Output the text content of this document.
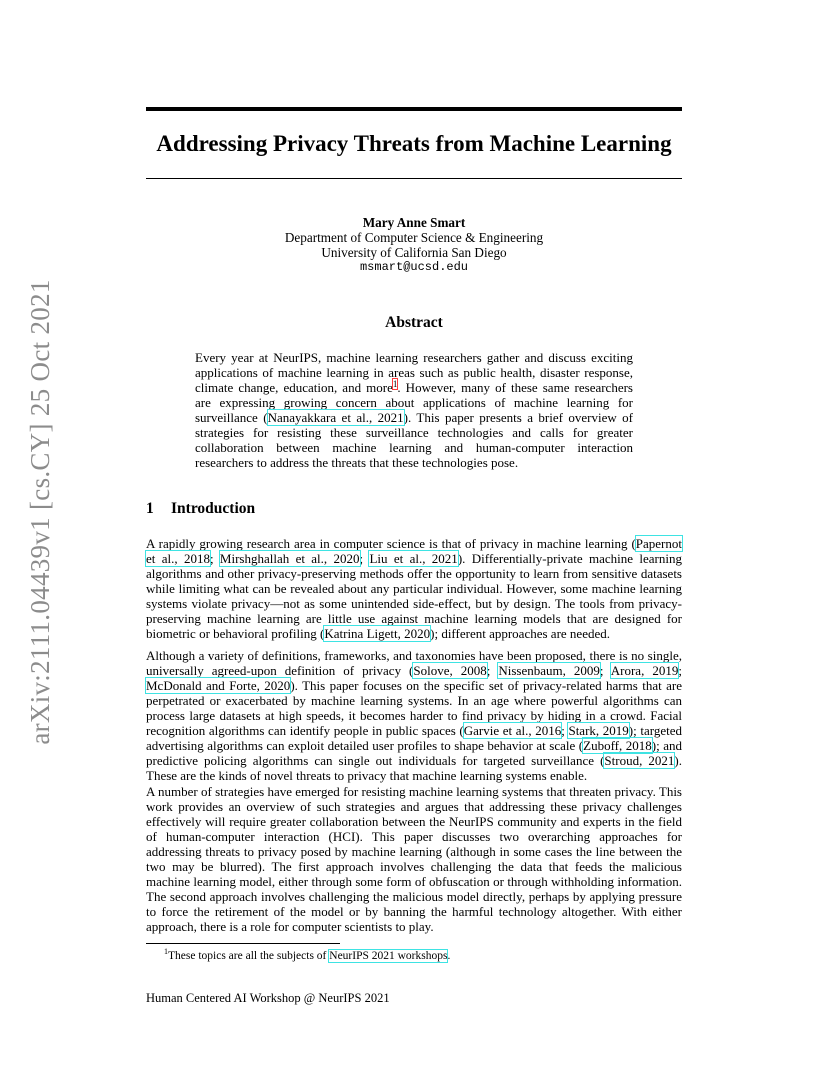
arXiv:2111.04439v1 [cs.CY] 25 Oct 2021
Addressing Privacy Threats from Machine Learning
Mary Anne Smart
Department of Computer Science & Engineering
University of California San Diego
msmart@ucsd.edu
Abstract
Every year at NeurIPS, machine learning researchers gather and discuss exciting applications of machine learning in areas such as public health, disaster response, climate change, education, and more$^1$. However, many of these same researchers are expressing growing concern about applications of machine learning for surveillance (Nanayakkara et al., 2021). This paper presents a brief overview of strategies for resisting these surveillance technologies and calls for greater collaboration between machine learning and human-computer interaction researchers to address the threats that these technologies pose.
1 Introduction

A rapidly growing research area in computer science is that of privacy in machine learning (Papernot et al., 2018; Mirshghallah et al., 2020; Liu et al., 2021). Differentially-private machine learning algorithms and other privacy-preserving methods offer the opportunity to learn from sensitive datasets while limiting what can be revealed about any particular individual. However, some machine learning systems violate privacy—not as some unintended side-effect, but by design. The tools from privacy-preserving machine learning are little use against machine learning models that are designed for biometric or behavioral profiling (Katrina Ligett, 2020); different approaches are needed.

Although a variety of definitions, frameworks, and taxonomies have been proposed, there is no single, universally agreed-upon definition of privacy (Solove, 2008; Nissenbaum, 2009; Arora, 2019; McDonald and Forte, 2020). This paper focuses on the specific set of privacy-related harms that are perpetrated or exacerbated by machine learning systems. In an age where powerful algorithms can process large datasets at high speeds, it becomes harder to find privacy by hiding in a crowd. Facial recognition algorithms can identify people in public spaces (Garvie et al., 2016; Stark, 2019); targeted advertising algorithms can exploit detailed user profiles to shape behavior at scale (Zuboff, 2018); and predictive policing algorithms can single out individuals for targeted surveillance (Stroud, 2021). These are the kinds of novel threats to privacy that machine learning systems enable.

A number of strategies have emerged for resisting machine learning systems that threaten privacy. This work provides an overview of such strategies and argues that addressing these privacy challenges effectively will require greater collaboration between the NeurIPS community and experts in the field of human-computer interaction (HCI). This paper discusses two overarching approaches for addressing threats to privacy posed by machine learning (although in some cases the line between the two may be blurred). The first approach involves challenging the data that feeds the malicious machine learning model, either through some form of obfuscation or through withholding information. The second approach involves challenging the malicious model directly, perhaps by applying pressure to force the retirement of the model or by banning the harmful technology altogether. With either approach, there is a role for computer scientists to play.

$^1$These topics are all the subjects of NeurIPS 2021 workshops.
Human Centered AI Workshop @ NeurIPS 2021
